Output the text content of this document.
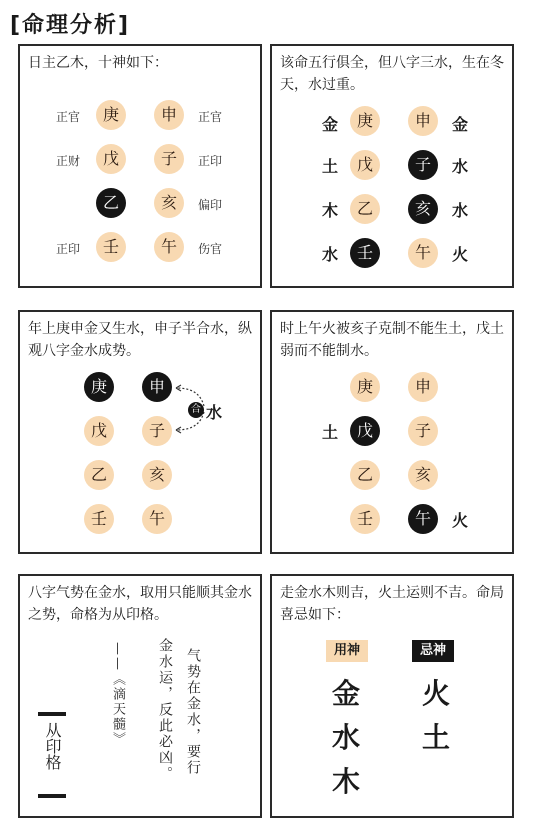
[命理分析]
日主乙木，十神如下：
正官
正财
正印
庚
戊
乙
壬
申
子
亥
午
正官
正印
偏印
伤官
该命五行俱全，但八字三水，生在冬天，水过重。
金
土
木
水
庚
戊
乙
壬
申
子
亥
午
金
水
水
火
年上庚申金又生水，申子半合水，纵观八字金水成势。
庚
戊
乙
壬
申
子
亥
午
合 水
时上午火被亥子克制不能生土，戊土弱而不能制水。
庚
戊
乙
壬
申
子
亥
午
土
火
八字气势在金水，取用只能顺其金水之势，命格为从印格。
气势在金水，要行
金水运，反此必凶。
——《滴天髓》
从印格
走金水木则吉，火土运则不吉。命局喜忌如下：
用神	忌神
金
水
木
火
土
